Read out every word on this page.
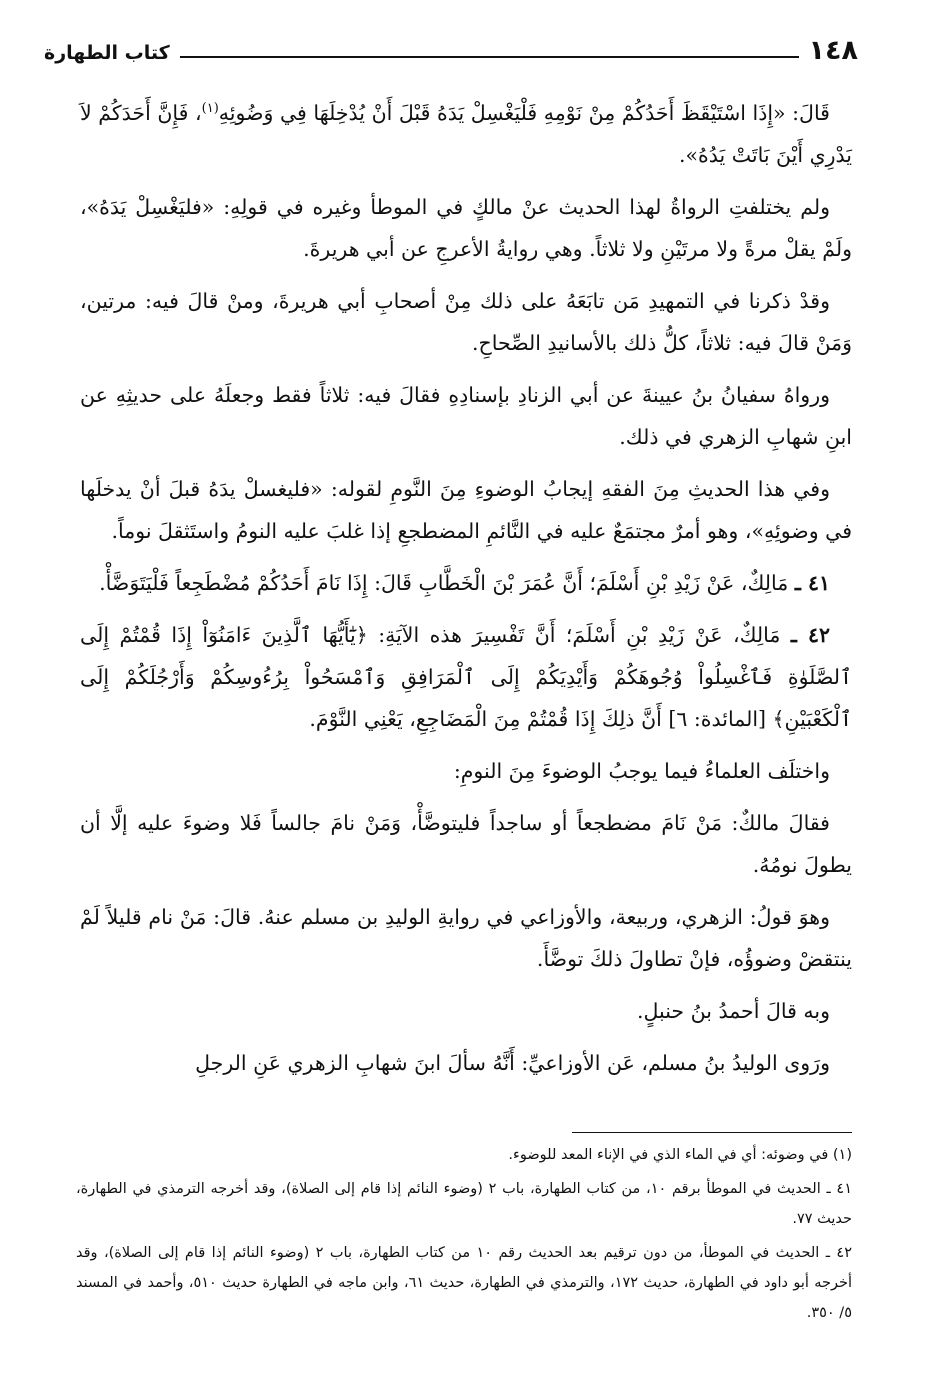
١٤٨
كتاب الطهارة

قَالَ: «إِذَا اسْتَيْقَظَ أَحَدُكُمْ مِنْ نَوْمِهِ فَلْيَغْسِلْ يَدَهُ قَبْلَ أَنْ يُدْخِلَهَا فِي وَضُوئِهِ$^{(١)}$، فَإِنَّ أَحَدَكُمْ لاَ يَدْرِي أَيْنَ بَاتَتْ يَدُهُ».

ولم يختلفتِ الرواةُ لهذا الحديث عنْ مالكٍ في الموطأ وغيره في قولِهِ: «فليَغْسِلْ يَدَهُ»، ولَمْ يقلْ مرةً ولا مرتَيْنِ ولا ثلاثاً. وهي روايةُ الأعرجِ عن أبي هريرةَ.

وقدْ ذكرنا في التمهيدِ مَن تابَعَهُ على ذلك مِنْ أصحابِ أبي هريرةَ، ومنْ قالَ فيه: مرتين، وَمَنْ قالَ فيه: ثلاثاً، كلُّ ذلك بالأسانيدِ الصِّحاحِ.

ورواهُ سفيانُ بنُ عيينةَ عن أبي الزنادِ بإسنادِهِ فقالَ فيه: ثلاثاً فقط وجعلَهُ على حديثِهِ عن ابنِ شهابِ الزهري في ذلك.

وفي هذا الحديثِ مِنَ الفقهِ إيجابُ الوضوءِ مِنَ النَّومِ لقوله: «فليغسلْ يدَهُ قبلَ أنْ يدخلَها في وضوئِهِ»، وهو أمرٌ مجتمَعٌ عليه في النَّائمِ المضطجعِ إذا غلبَ عليه النومُ واستَثقلَ نوماً.

٤١ ـ مَالِكٌ، عَنْ زَيْدِ بْنِ أَسْلَمَ؛ أَنَّ عُمَرَ بْنَ الْخَطَّابِ قَالَ: إِذَا نَامَ أَحَدُكُمْ مُضْطَجِعاً فَلْيَتَوَضَّأْ.

٤٢ ـ مَالِكٌ، عَنْ زَيْدِ بْنِ أَسْلَمَ؛ أَنَّ تَفْسِيرَ هذه الآيَةِ: ﴿يَٰٓأَيُّهَا ٱلَّذِينَ ءَامَنُوٓاْ إِذَا قُمْتُمْ إِلَى ٱلصَّلَوٰةِ فَٱغْسِلُواْ وُجُوهَكُمْ وَأَيْدِيَكُمْ إِلَى ٱلْمَرَافِقِ وَٱمْسَحُواْ بِرُءُوسِكُمْ وَأَرْجُلَكُمْ إِلَى ٱلْكَعْبَيْنِ﴾ [المائدة: ٦] أَنَّ ذلِكَ إِذَا قُمْتُمْ مِنَ الْمَضَاجِعِ، يَعْنِي النَّوْمَ.

واختلَف العلماءُ فيما يوجبُ الوضوءَ مِنَ النومِ:

فقالَ مالكٌ: مَنْ نَامَ مضطجعاً أو ساجداً فليتوضَّأْ، وَمَنْ نامَ جالساً فَلا وضوءَ عليه إلَّا أن يطولَ نومُهُ.

وهوَ قولُ: الزهري، وربيعة، والأوزاعي في روايةِ الوليدِ بن مسلم عنهُ. قالَ: مَنْ نام قليلاً لَمْ ينتقضْ وضوؤُه، فإنْ تطاولَ ذلكَ توضَّأَ.

وبه قالَ أحمدُ بنُ حنبلٍ.

ورَوى الوليدُ بنُ مسلم، عَن الأوزاعيِّ: أَنَّهُ سألَ ابنَ شهابِ الزهري عَنِ الرجلِ

(١) في وضوئه: أي في الماء الذي في الإناء المعد للوضوء.

٤١ ـ الحديث في الموطأ برقم ١٠، من كتاب الطهارة، باب ٢ (وضوء النائم إذا قام إلى الصلاة)، وقد أخرجه الترمذي في الطهارة، حديث ٧٧.

٤٢ ـ الحديث في الموطأ، من دون ترقيم بعد الحديث رقم ١٠ من كتاب الطهارة، باب ٢ (وضوء النائم إذا قام إلى الصلاة)، وقد أخرجه أبو داود في الطهارة، حديث ١٧٢، والترمذي في الطهارة، حديث ٦١، وابن ماجه في الطهارة حديث ٥١٠، وأحمد في المسند ٥/ ٣٥٠.
